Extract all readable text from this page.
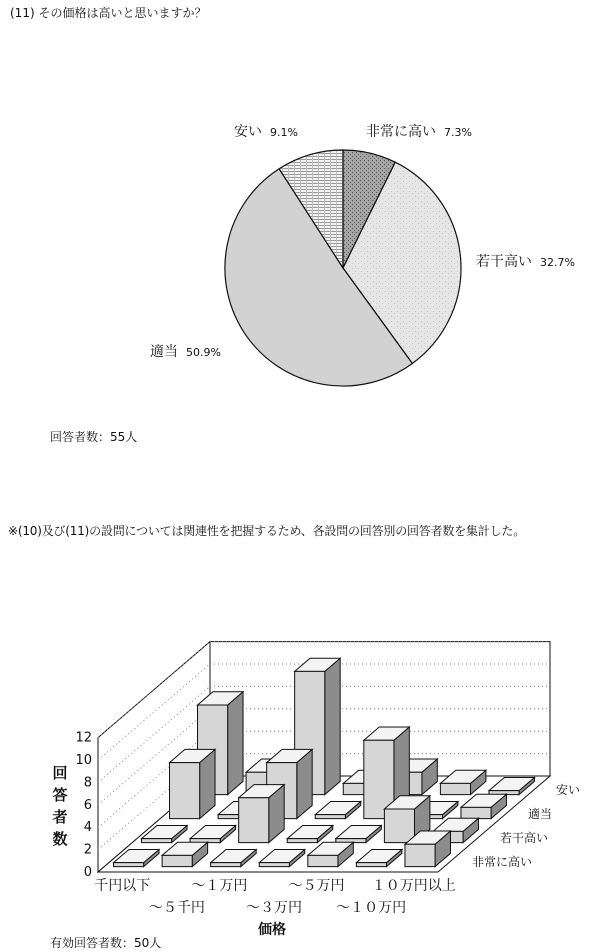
(11) その価格は高いと思いますか？
非常に高い 7.3%
若干高い 32.7%
適当 50.9%
安い 9.1%
回答者数：55人
※(10)及び(11)の設問については関連性を把握するため、各設問の回答別の回答者数を集計した。
0
2
4
6
8
10
12
回
答
者
数
安い
適当
若干高い
非常に高い
千円以下
～５千円
～１万円
～３万円
～５万円
～１０万円
１０万円以上
価格
有効回答者数：50人
